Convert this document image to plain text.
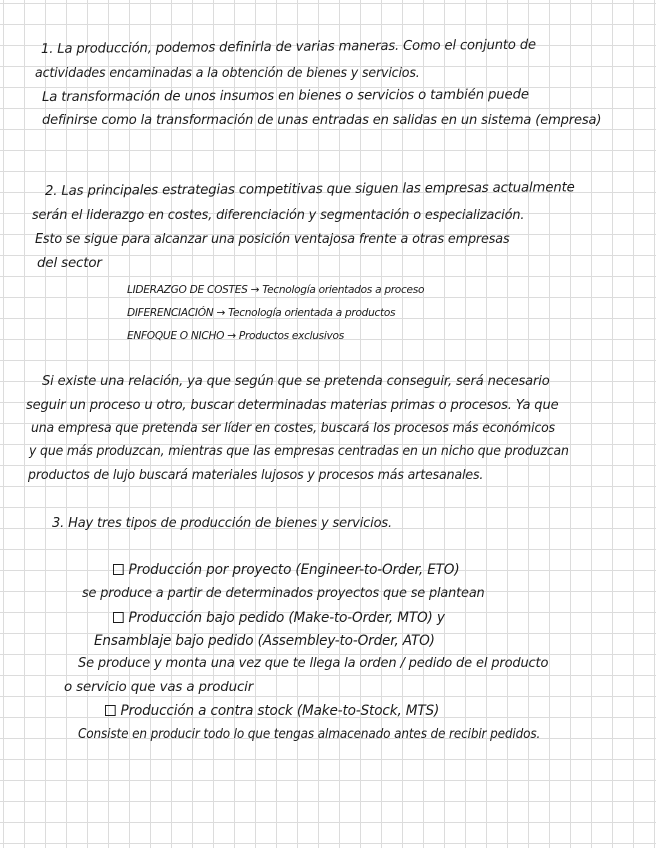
1. La producción, podemos definirla de varias maneras. Como el conjunto de
actividades encaminadas a la obtención de bienes y servicios.
La transformación de unos insumos en bienes o servicios o también puede
definirse como la transformación de unas entradas en salidas en un sistema (empresa)
2. Las principales estrategias competitivas que siguen las empresas actualmente
serán el liderazgo en costes, diferenciación y segmentación o especialización.
Esto se sigue para alcanzar una posición ventajosa frente a otras empresas
del sector
LIDERAZGO DE COSTES → Tecnología orientados a proceso
DIFERENCIACIÓN → Tecnología orientada a productos
ENFOQUE O NICHO → Productos exclusivos
Si existe una relación, ya que según que se pretenda conseguir, será necesario
seguir un proceso u otro, buscar determinadas materias primas o procesos. Ya que
una empresa que pretenda ser líder en costes, buscará los procesos más económicos
y que más produzcan, mientras que las empresas centradas en un nicho que produzcan
productos de lujo buscará materiales lujosos y procesos más artesanales.
3. Hay tres tipos de producción de bienes y servicios.
Producción por proyecto (Engineer-to-Order, ETO)
se produce a partir de determinados proyectos que se plantean
Producción bajo pedido (Make-to-Order, MTO) y
Ensamblaje bajo pedido (Assembley-to-Order, ATO)
Se produce y monta una vez que te llega la orden / pedido de el producto
o servicio que vas a producir
Producción a contra stock (Make-to-Stock, MTS)
Consiste en producir todo lo que tengas almacenado antes de recibir pedidos.
